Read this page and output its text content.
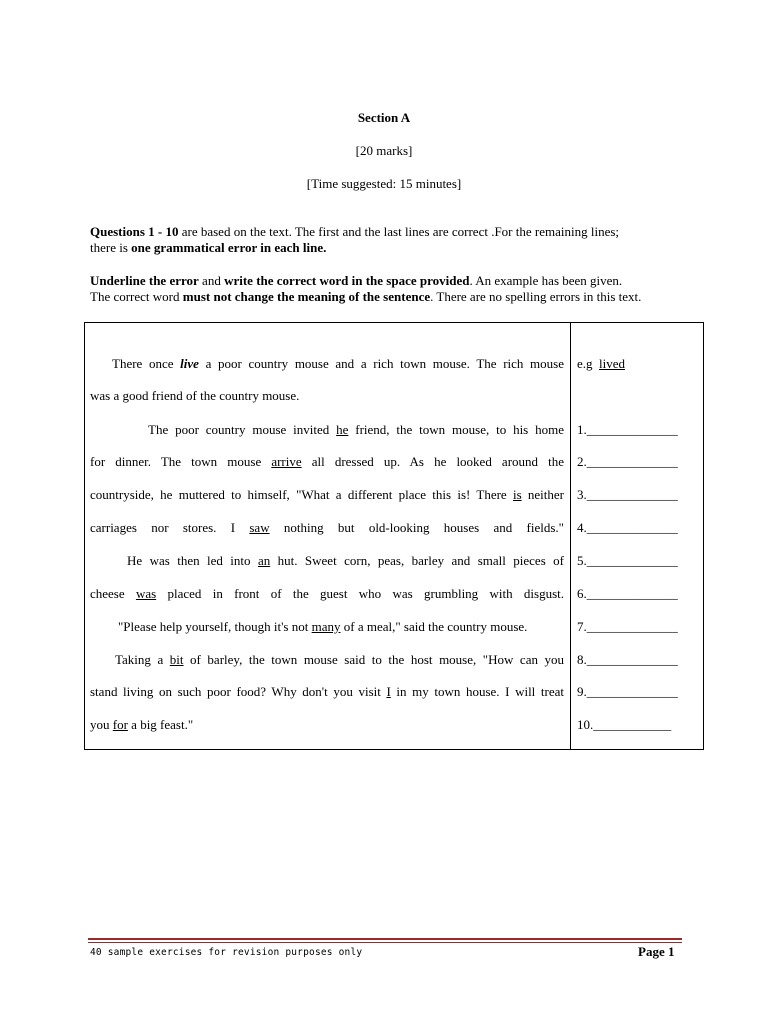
Section A
[20 marks]
[Time suggested: 15 minutes]
Questions 1 - 10 are based on the text. The first and the last lines are correct .For the remaining lines;
there is one grammatical error in each line.
Underline the error and write the correct word in the space provided. An example has been given.
The correct word must not change the meaning of the sentence. There are no spelling errors in this text.
There once live a poor country mouse and a rich town mouse. The rich mouse
was a good friend of the country mouse.
The poor country mouse invited he friend, the town mouse, to his home
for dinner. The town mouse arrive all dressed up. As he looked around the
countryside, he muttered to himself, "What a different place this is! There is neither
carriages nor stores. I saw nothing but old-looking houses and fields."
He was then led into an hut. Sweet corn, peas, barley and small pieces of
cheese was placed in front of the guest who was grumbling with disgust.
"Please help yourself, though it's not many of a meal," said the country mouse.
Taking a bit of barley, the town mouse said to the host mouse, "How can you
stand living on such poor food? Why don't you visit I in my town house. I will treat
you for a big feast."
e.g  lived
1.______________
2.______________
3.______________
4.______________
5.______________
6.______________
7.______________
8.______________
9.______________
10.____________
40 sample exercises for revision purposes only	Page 1
